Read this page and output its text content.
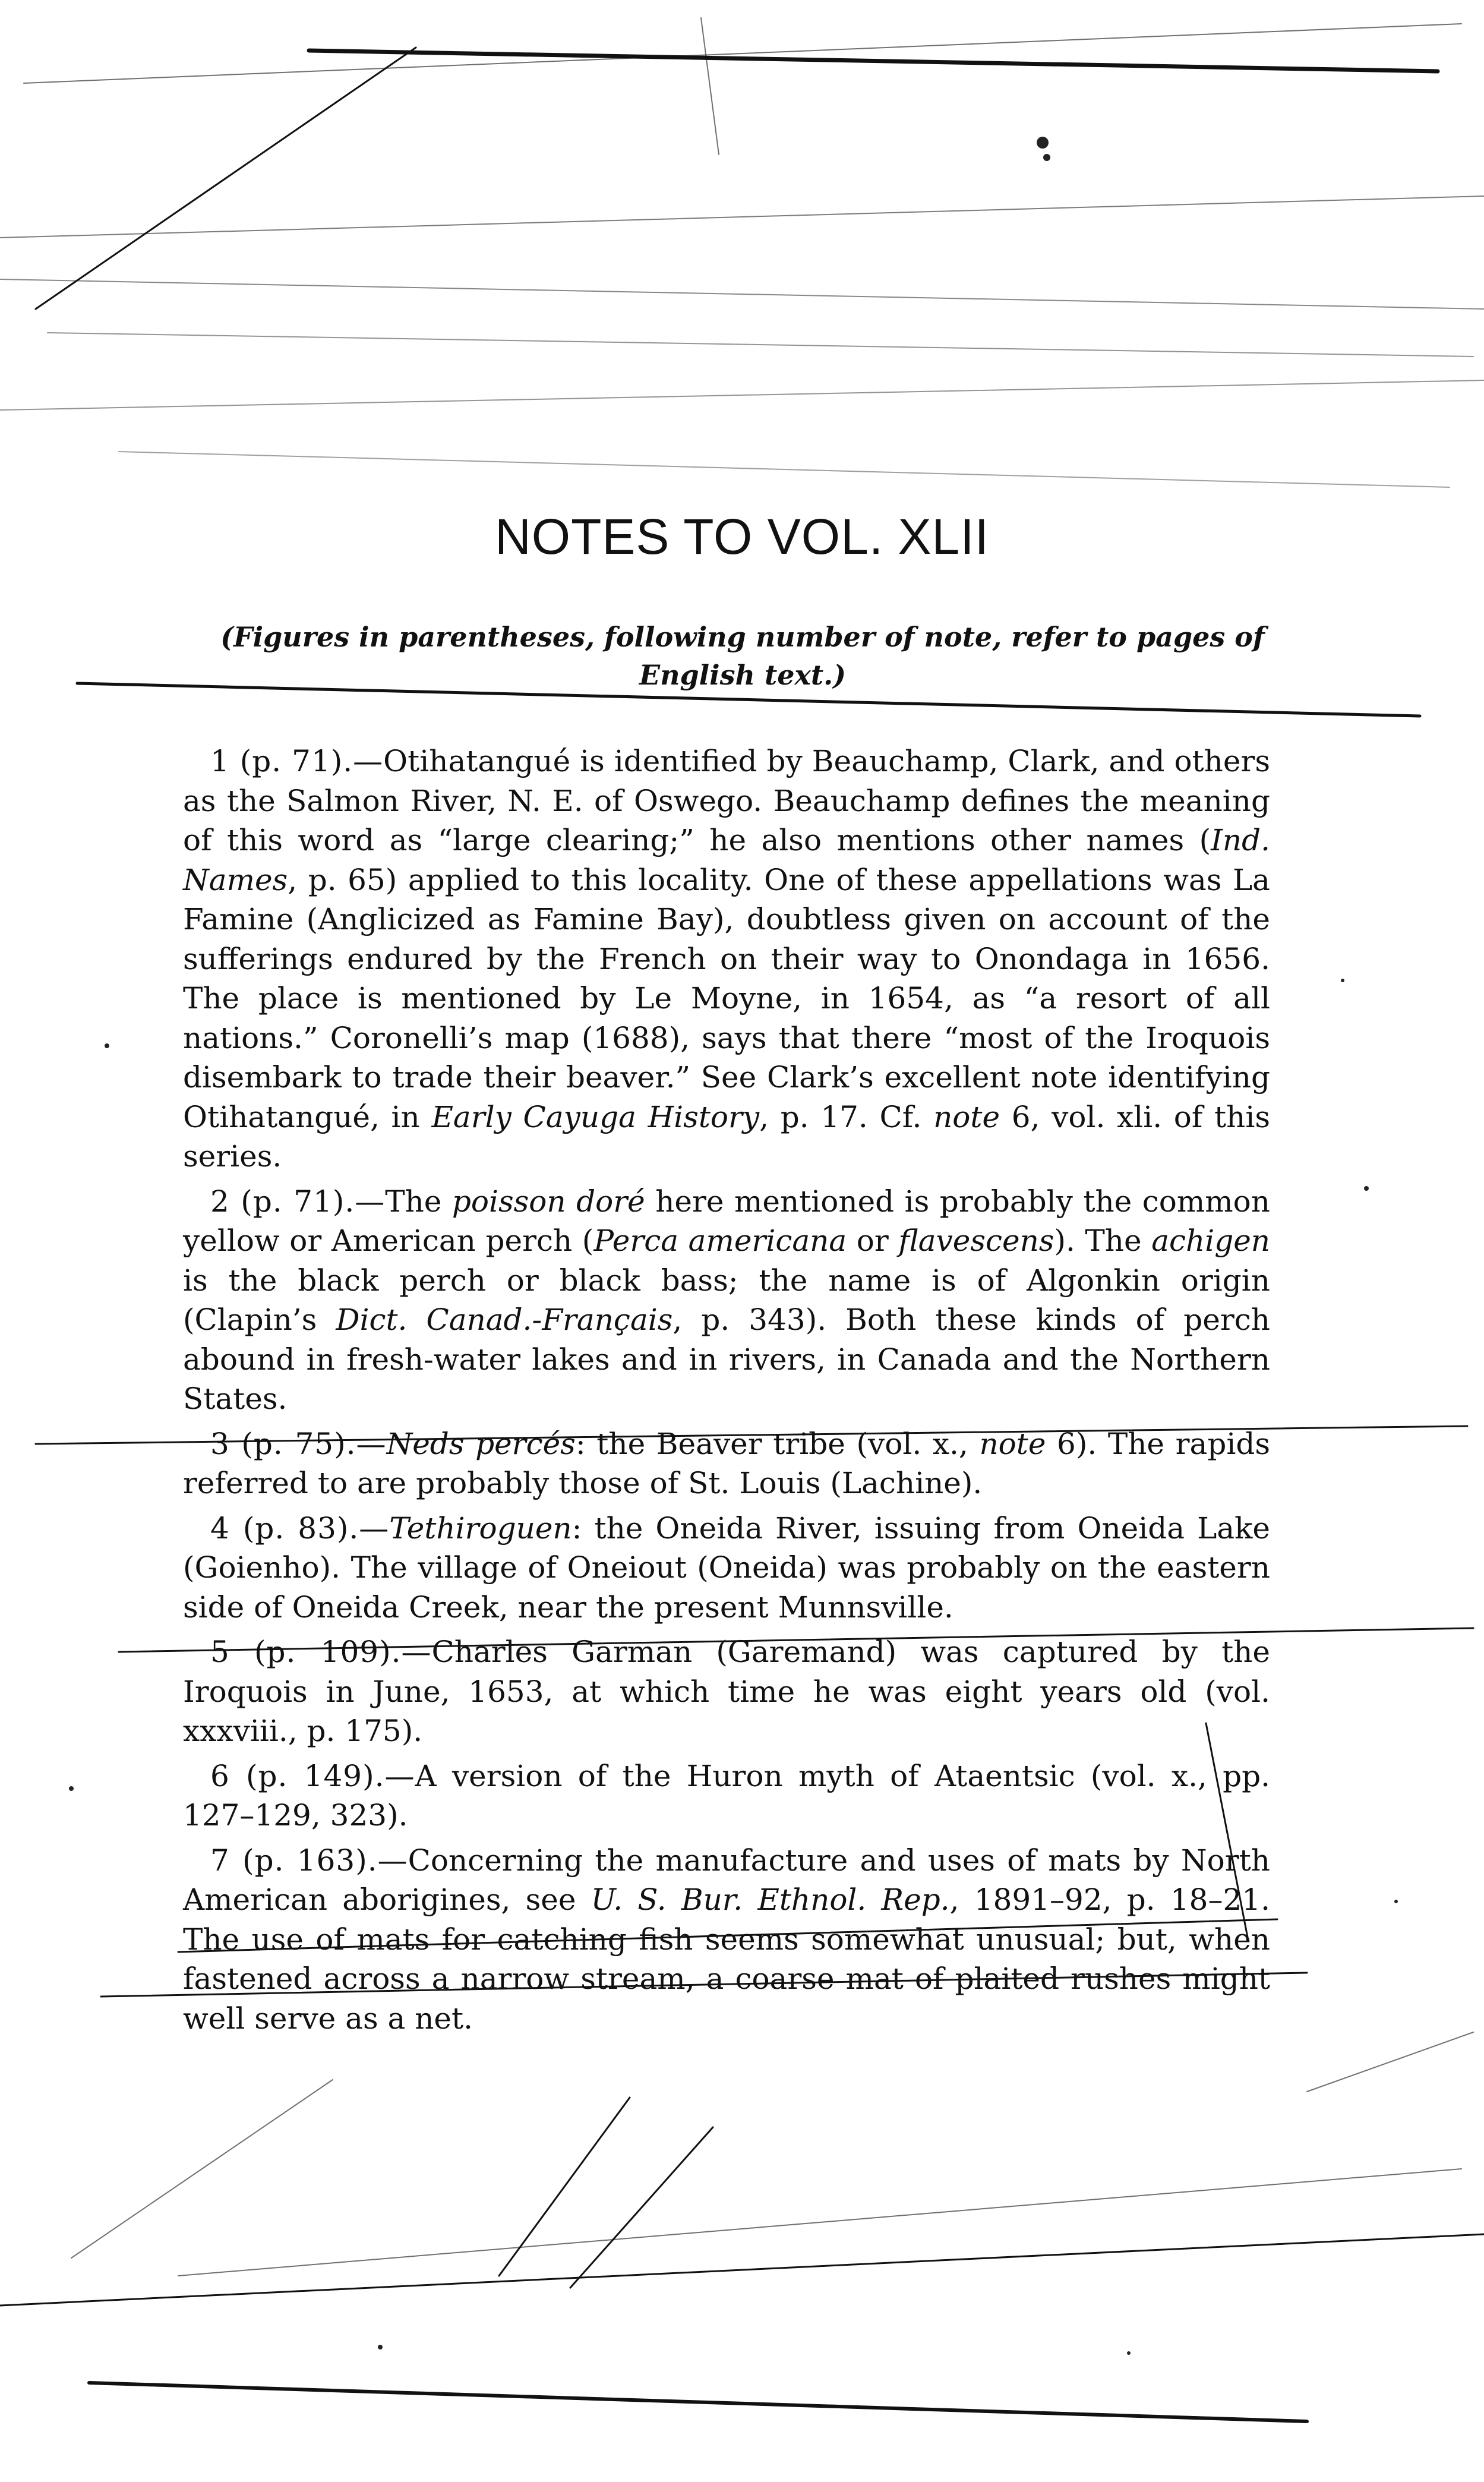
NOTES TO VOL. XLII
(Figures in parentheses, following number of note, refer to pages of English text.)

1 (p. 71).—Otihatangué is identified by Beauchamp, Clark, and others as the Salmon River, N. E. of Oswego. Beauchamp defines the meaning of this word as “large clearing;” he also mentions other names (Ind. Names, p. 65) applied to this locality. One of these appellations was La Famine (Anglicized as Famine Bay), doubtless given on account of the sufferings endured by the French on their way to Onondaga in 1656. The place is mentioned by Le Moyne, in 1654, as “a resort of all nations.” Coronelli’s map (1688), says that there “most of the Iroquois disembark to trade their beaver.” See Clark’s excellent note identifying Otihatangué, in Early Cayuga History, p. 17. Cf. note 6, vol. xli. of this series.

2 (p. 71).—The poisson doré here mentioned is probably the common yellow or American perch (Perca americana or flavescens). The achigen is the black perch or black bass; the name is of Algonkin origin (Clapin’s Dict. Canad.-Français, p. 343). Both these kinds of perch abound in fresh-water lakes and in rivers, in Canada and the Northern States.

3 (p. 75).—Neds percés: the Beaver tribe (vol. x., note 6). The rapids referred to are probably those of St. Louis (Lachine).

4 (p. 83).—Tethiroguen: the Oneida River, issuing from Oneida Lake (Goienho). The village of Oneiout (Oneida) was probably on the eastern side of Oneida Creek, near the present Munnsville.

5 (p. 109).—Charles Garman (Garemand) was captured by the Iroquois in June, 1653, at which time he was eight years old (vol. xxxviii., p. 175).

6 (p. 149).—A version of the Huron myth of Ataentsic (vol. x., pp. 127–129, 323).

7 (p. 163).—Concerning the manufacture and uses of mats by North American aborigines, see U. S. Bur. Ethnol. Rep., 1891–92, p. 18–21. The use of mats for catching fish seems somewhat unusual; but, when fastened across a narrow stream, a coarse mat of plaited rushes might well serve as a net.
